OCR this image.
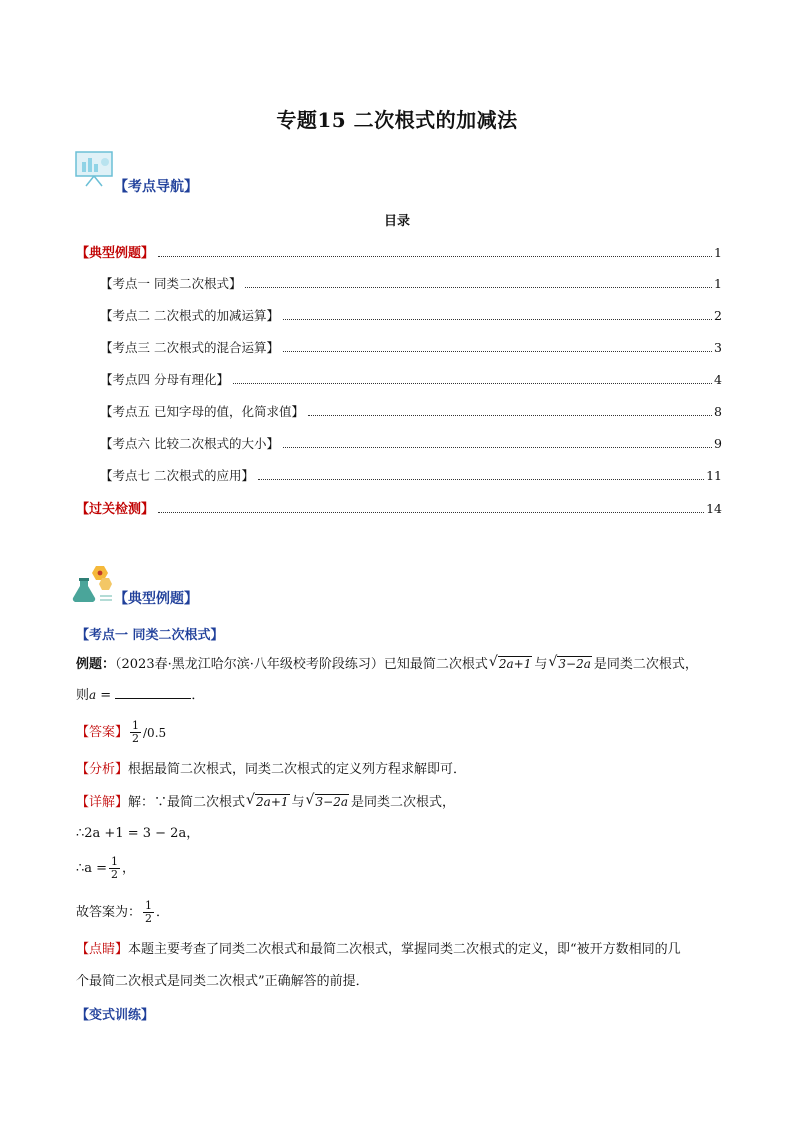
专题15 二次根式的加减法
【考点导航】
目录
【典型例题】	1
【考点一 同类二次根式】	1
【考点二 二次根式的加减运算】	2
【考点三 二次根式的混合运算】	3
【考点四 分母有理化】	4
【考点五 已知字母的值，化简求值】	8
【考点六 比较二次根式的大小】	9
【考点七 二次根式的应用】	11
【过关检测】	14
【典型例题】
【考点一 同类二次根式】
例题：（2023春·黑龙江哈尔滨·八年级校考阶段练习）已知最简二次根式 √ 2a+1 与 √ 3−2a 是同类二次根式，
则a =	．
【答案】 $\frac{1}{2} /0.5$
【分析】根据最简二次根式，同类二次根式的定义列方程求解即可．
【详解】解：∵最简二次根式 √ 2a+1 与 √ 3−2a 是同类二次根式，
∴2a +1 = 3 − 2a，
∴a = $\frac{1}{2}$ ，
故答案为： $\frac{1}{2}$ ．
【点睛】本题主要考查了同类二次根式和最简二次根式，掌握同类二次根式的定义，即“被开方数相同的几
个最简二次根式是同类二次根式”正确解答的前提．
【变式训练】
